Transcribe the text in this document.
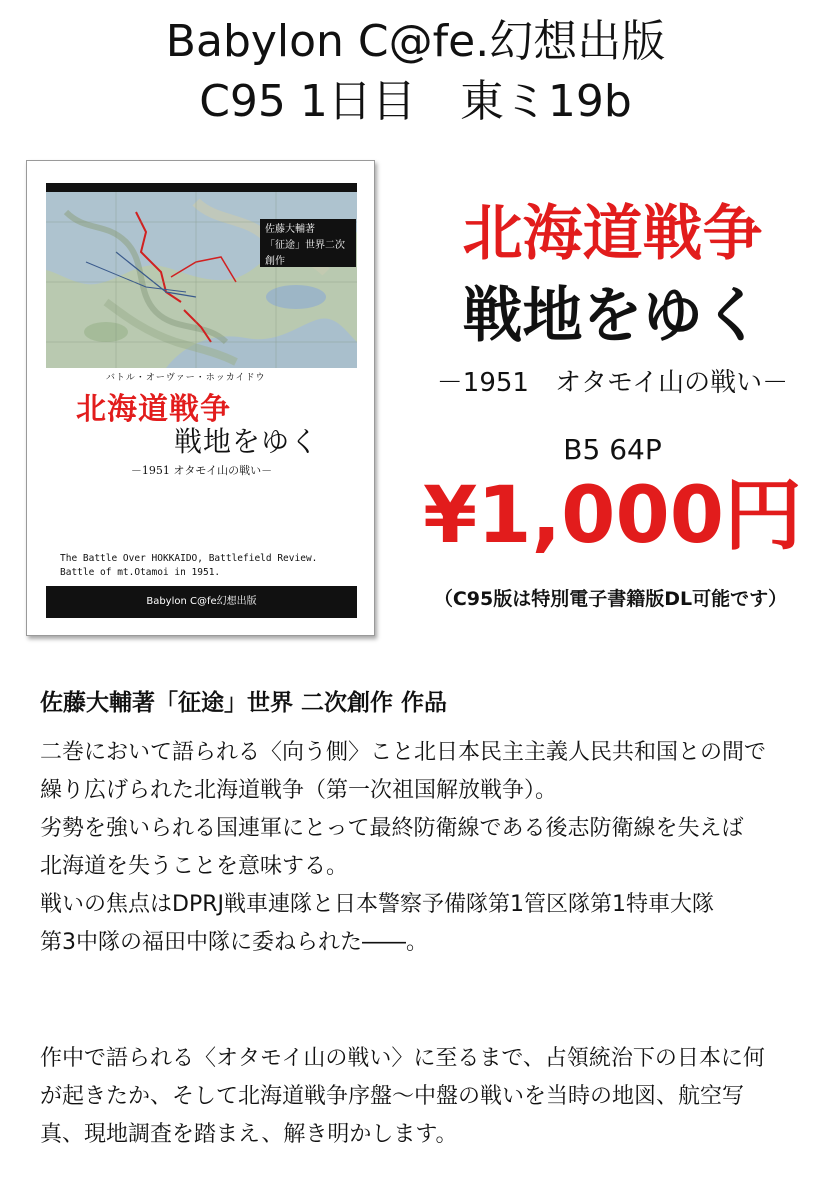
Babylon C@fe.幻想出版
C95 1日目　東ミ19b
佐藤大輔著
「征途」世界二次創作
バトル・オーヴァー・ホッカイドウ
北海道戦争
戦地をゆく
－1951 オタモイ山の戦い－
The Battle Over HOKKAIDO, Battlefield Review.
Battle of mt.Otamoi in 1951.
Babylon C@fe幻想出版
北海道戦争
戦地をゆく
－1951　オタモイ山の戦い－
B5 64P
¥1,000円
（C95版は特別電子書籍版DL可能です）
佐藤大輔著「征途」世界 二次創作 作品

二巻において語られる〈向う側〉こと北日本民主主義人民共和国との間で

繰り広げられた北海道戦争（第一次祖国解放戦争）。

劣勢を強いられる国連軍にとって最終防衛線である後志防衛線を失えば

北海道を失うことを意味する。

戦いの焦点はDPRJ戦車連隊と日本警察予備隊第1管区隊第1特車大隊

第3中隊の福田中隊に委ねられた――。

作中で語られる〈オタモイ山の戦い〉に至るまで、占領統治下の日本に何

が起きたか、そして北海道戦争序盤～中盤の戦いを当時の地図、航空写

真、現地調査を踏まえ、解き明かします。
